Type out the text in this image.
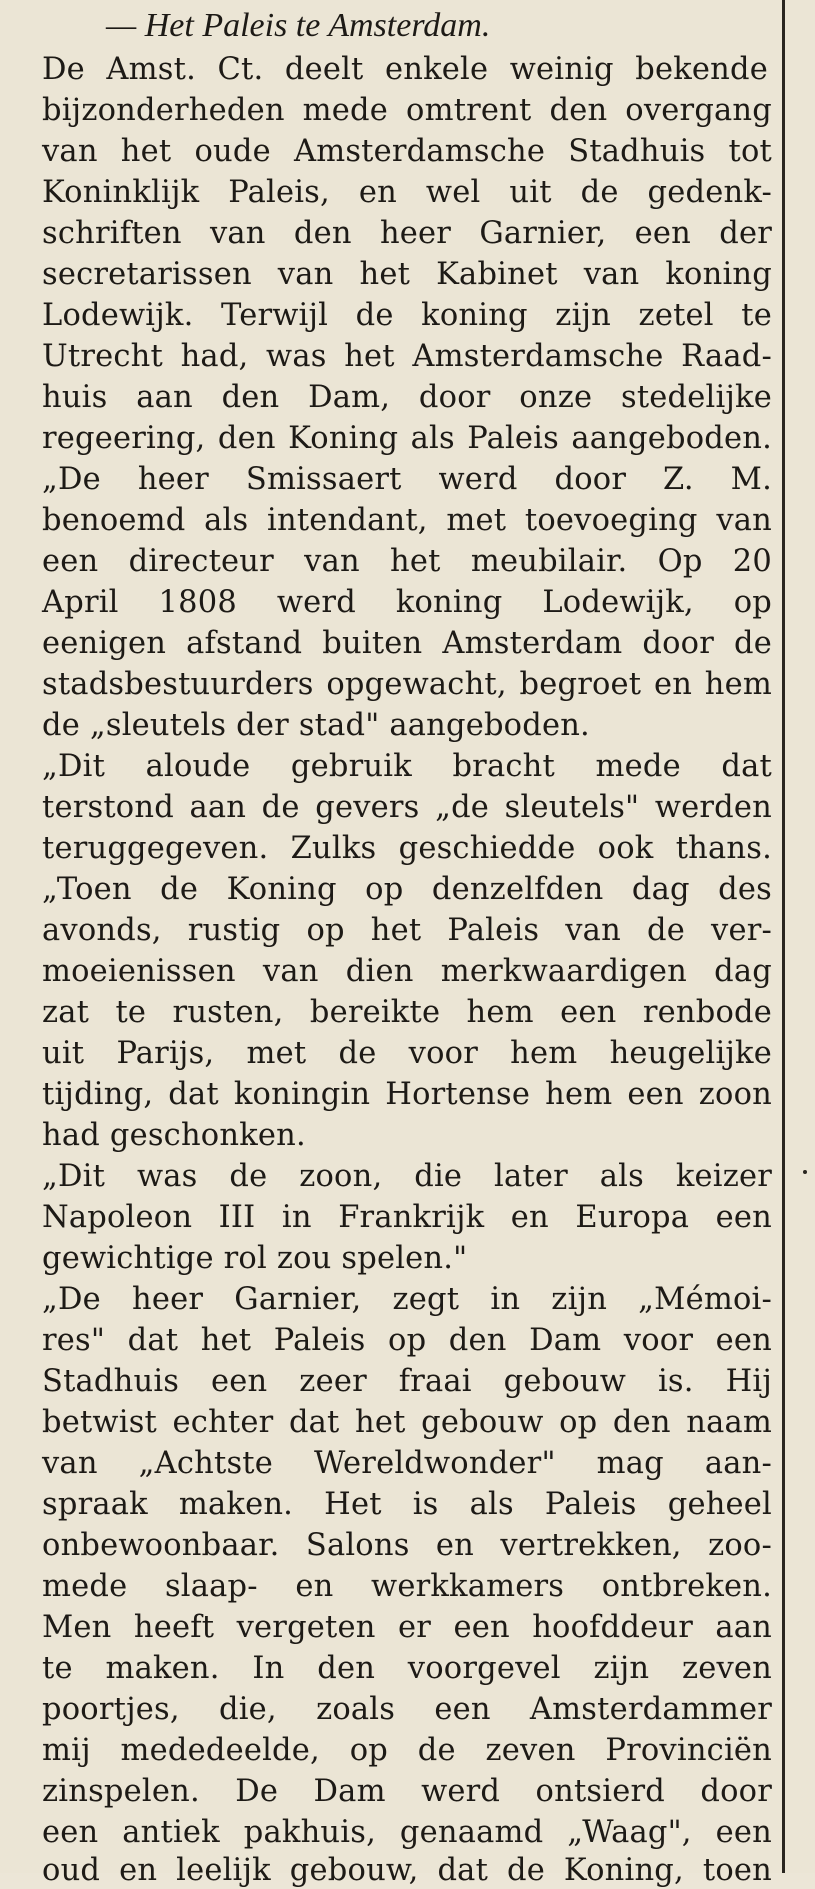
— Het Paleis te Amsterdam.
De Amst. Ct. deelt enkele weinig bekende
bijzonderheden mede omtrent den overgang
van het oude Amsterdamsche Stadhuis tot
Koninklijk Paleis, en wel uit de gedenk-
schriften van den heer Garnier, een der
secretarissen van het Kabinet van koning
Lodewijk. Terwijl de koning zijn zetel te
Utrecht had, was het Amsterdamsche Raad-
huis aan den Dam, door onze stedelijke
regeering, den Koning als Paleis aangeboden.
„De heer Smissaert werd door Z. M.
benoemd als intendant, met toevoeging van
een directeur van het meubilair. Op 20
April 1808 werd koning Lodewijk, op
eenigen afstand buiten Amsterdam door de
stadsbestuurders opgewacht, begroet en hem
de „sleutels der stad" aangeboden.
„Dit aloude gebruik bracht mede dat
terstond aan de gevers „de sleutels" werden
teruggegeven. Zulks geschiedde ook thans.
„Toen de Koning op denzelfden dag des
avonds, rustig op het Paleis van de ver-
moeienissen van dien merkwaardigen dag
zat te rusten, bereikte hem een renbode
uit Parijs, met de voor hem heugelijke
tijding, dat koningin Hortense hem een zoon
had geschonken.
„Dit was de zoon, die later als keizer
Napoleon III in Frankrijk en Europa een
gewichtige rol zou spelen."
„De heer Garnier, zegt in zijn „Mémoi-
res" dat het Paleis op den Dam voor een
Stadhuis een zeer fraai gebouw is. Hij
betwist echter dat het gebouw op den naam
van „Achtste Wereldwonder" mag aan-
spraak maken. Het is als Paleis geheel
onbewoonbaar. Salons en vertrekken, zoo-
mede slaap- en werkkamers ontbreken.
Men heeft vergeten er een hoofddeur aan
te maken. In den voorgevel zijn zeven
poortjes, die, zoals een Amsterdammer
mij mededeelde, op de zeven Provinciën
zinspelen. De Dam werd ontsierd door
een antiek pakhuis, genaamd „Waag", een
oud en leelijk gebouw, dat de Koning, toen
